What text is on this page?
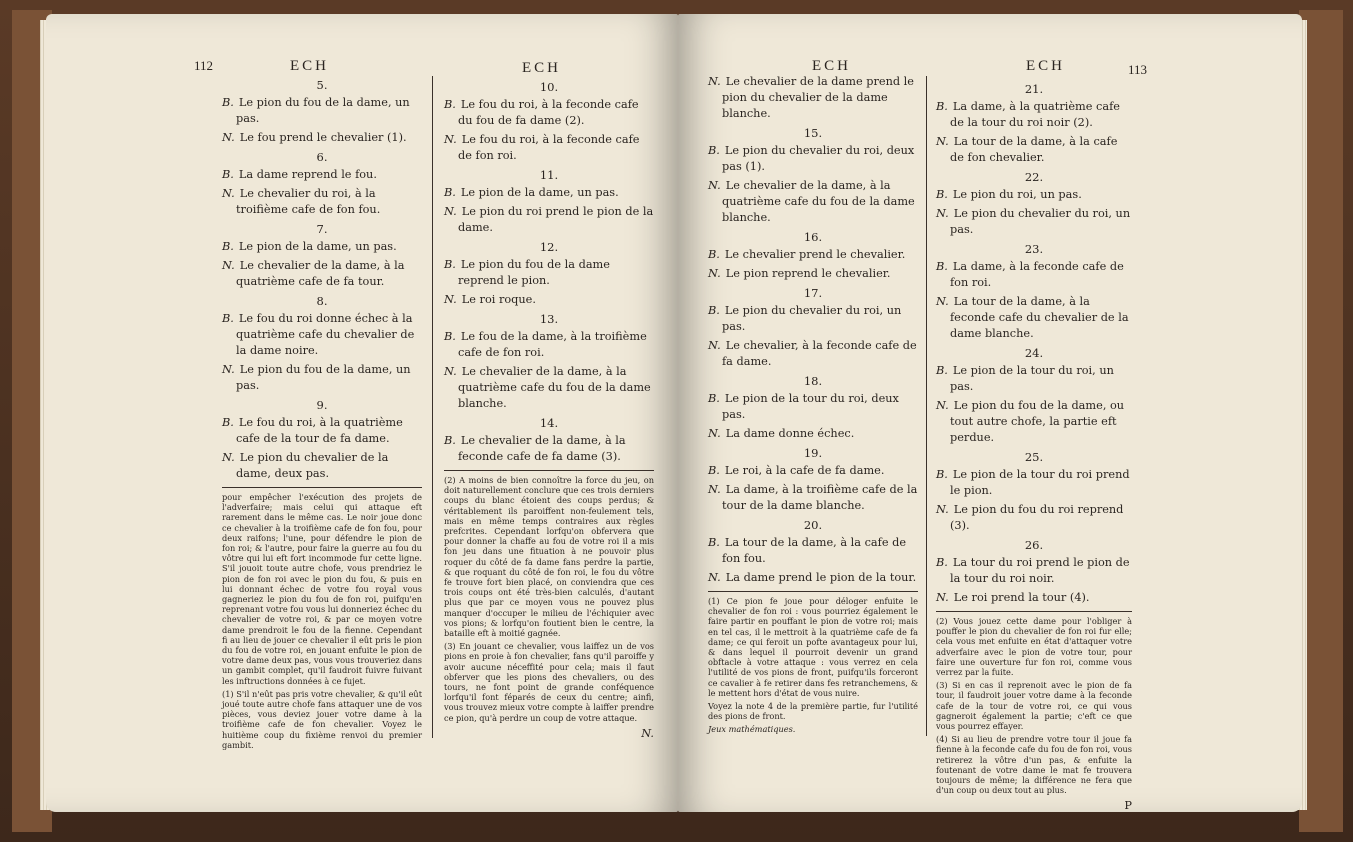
112	ECH	ECH
5.
B. Le pion du fou de la dame, un pas.
N. Le fou prend le chevalier (1).
6.
B. La dame reprend le fou.
N. Le chevalier du roi, à la troifième cafe de fon fou.
7.
B. Le pion de la dame, un pas.
N. Le chevalier de la dame, à la quatrième cafe de fa tour.
8.
B. Le fou du roi donne échec à la quatrième cafe du chevalier de la dame noire.
N. Le pion du fou de la dame, un pas.
9.
B. Le fou du roi, à la quatrième cafe de la tour de fa dame.
N. Le pion du chevalier de la dame, deux pas.
pour empêcher l'exécution des projets de l'adverfaire; mais celui qui attaque eft rarement dans le même cas. Le noir joue donc ce chevalier à la troifième cafe de fon fou, pour deux raifons; l'une, pour défendre le pion de fon roi; & l'autre, pour faire la guerre au fou du vôtre qui lui eft fort incommode fur cette ligne. S'il jouoit toute autre chofe, vous prendriez le pion de fon roi avec le pion du fou, & puis en lui donnant échec de votre fou royal vous gagneriez le pion du fou de fon roi, puifqu'en reprenant votre fou vous lui donneriez échec du chevalier de votre roi, & par ce moyen votre dame prendroit le fou de la fienne. Cependant fi au lieu de jouer ce chevalier il eût pris le pion du fou de votre roi, en jouant enfuite le pion de votre dame deux pas, vous vous trouveriez dans un gambit complet, qu'il faudroit fuivre fuivant les inftructions données à ce fujet.
(1) S'il n'eût pas pris votre chevalier, & qu'il eût joué toute autre chofe fans attaquer une de vos pièces, vous deviez jouer votre dame à la troifième cafe de fon chevalier. Voyez le huitième coup du fixième renvoi du premier gambit.
10.
B. Le fou du roi, à la feconde cafe du fou de fa dame (2).
N. Le fou du roi, à la feconde cafe de fon roi.
11.
B. Le pion de la dame, un pas.
N. Le pion du roi prend le pion de la dame.
12.
B. Le pion du fou de la dame reprend le pion.
N. Le roi roque.
13.
B. Le fou de la dame, à la troifième cafe de fon roi.
N. Le chevalier de la dame, à la quatrième cafe du fou de la dame blanche.
14.
B. Le chevalier de la dame, à la feconde cafe de fa dame (3).
(2) A moins de bien connoître la force du jeu, on doit naturellement conclure que ces trois derniers coups du blanc étoient des coups perdus; & véritablement ils paroiffent non-feulement tels, mais en même temps contraires aux règles prefcrites. Cependant lorfqu'on obfervera que pour donner la chaffe au fou de votre roi il a mis fon jeu dans une fituation à ne pouvoir plus roquer du côté de fa dame fans perdre la partie, & que roquant du côté de fon roi, le fou du vôtre fe trouve fort bien placé, on conviendra que ces trois coups ont été très-bien calculés, d'autant plus que par ce moyen vous ne pouvez plus manquer d'occuper le milieu de l'échiquier avec vos pions; & lorfqu'on foutient bien le centre, la bataille eft à moitié gagnée.
(3) En jouant ce chevalier, vous laiffez un de vos pions en proie à fon chevalier, fans qu'il paroiffe y avoir aucune néceffité pour cela; mais il faut obferver que les pions des chevaliers, ou des tours, ne font point de grande conféquence lorfqu'il font féparés de ceux du centre; ainfi, vous trouvez mieux votre compte à laiffer prendre ce pion, qu'à perdre un coup de votre attaque.
N.
ECH	ECH	113
N. Le chevalier de la dame prend le pion du chevalier de la dame blanche.
15.
B. Le pion du chevalier du roi, deux pas (1).
N. Le chevalier de la dame, à la quatrième cafe du fou de la dame blanche.
16.
B. Le chevalier prend le chevalier.
N. Le pion reprend le chevalier.
17.
B. Le pion du chevalier du roi, un pas.
N. Le chevalier, à la feconde cafe de fa dame.
18.
B. Le pion de la tour du roi, deux pas.
N. La dame donne échec.
19.
B. Le roi, à la cafe de fa dame.
N. La dame, à la troifième cafe de la tour de la dame blanche.
20.
B. La tour de la dame, à la cafe de fon fou.
N. La dame prend le pion de la tour.
(1) Ce pion fe joue pour déloger enfuite le chevalier de fon roi : vous pourriez également le faire partir en pouffant le pion de votre roi; mais en tel cas, il le mettroit à la quatrième cafe de fa dame; ce qui feroit un pofte avantageux pour lui, & dans lequel il pourroit devenir un grand obftacle à votre attaque : vous verrez en cela l'utilité de vos pions de front, puifqu'ils forceront ce cavalier à fe retirer dans fes retranchemens, & le mettent hors d'état de vous nuire.
Voyez la note 4 de la première partie, fur l'utilité des pions de front.
Jeux mathématiques.
21.
B. La dame, à la quatrième cafe de la tour du roi noir (2).
N. La tour de la dame, à la cafe de fon chevalier.
22.
B. Le pion du roi, un pas.
N. Le pion du chevalier du roi, un pas.
23.
B. La dame, à la feconde cafe de fon roi.
N. La tour de la dame, à la feconde cafe du chevalier de la dame blanche.
24.
B. Le pion de la tour du roi, un pas.
N. Le pion du fou de la dame, ou tout autre chofe, la partie eft perdue.
25.
B. Le pion de la tour du roi prend le pion.
N. Le pion du fou du roi reprend (3).
26.
B. La tour du roi prend le pion de la tour du roi noir.
N. Le roi prend la tour (4).
(2) Vous jouez cette dame pour l'obliger à pouffer le pion du chevalier de fon roi fur elle; cela vous met enfuite en état d'attaquer votre adverfaire avec le pion de votre tour, pour faire une ouverture fur fon roi, comme vous verrez par la fuite.
(3) Si en cas il reprenoit avec le pion de fa tour, il faudroit jouer votre dame à la feconde cafe de la tour de votre roi, ce qui vous gagneroit également la partie; c'eft ce que vous pourrez effayer.
(4) Si au lieu de prendre votre tour il joue fa fienne à la feconde cafe du fou de fon roi, vous retirerez la vôtre d'un pas, & enfuite la foutenant de votre dame le mat fe trouvera toujours de même; la différence ne fera que d'un coup ou deux tout au plus.
P
